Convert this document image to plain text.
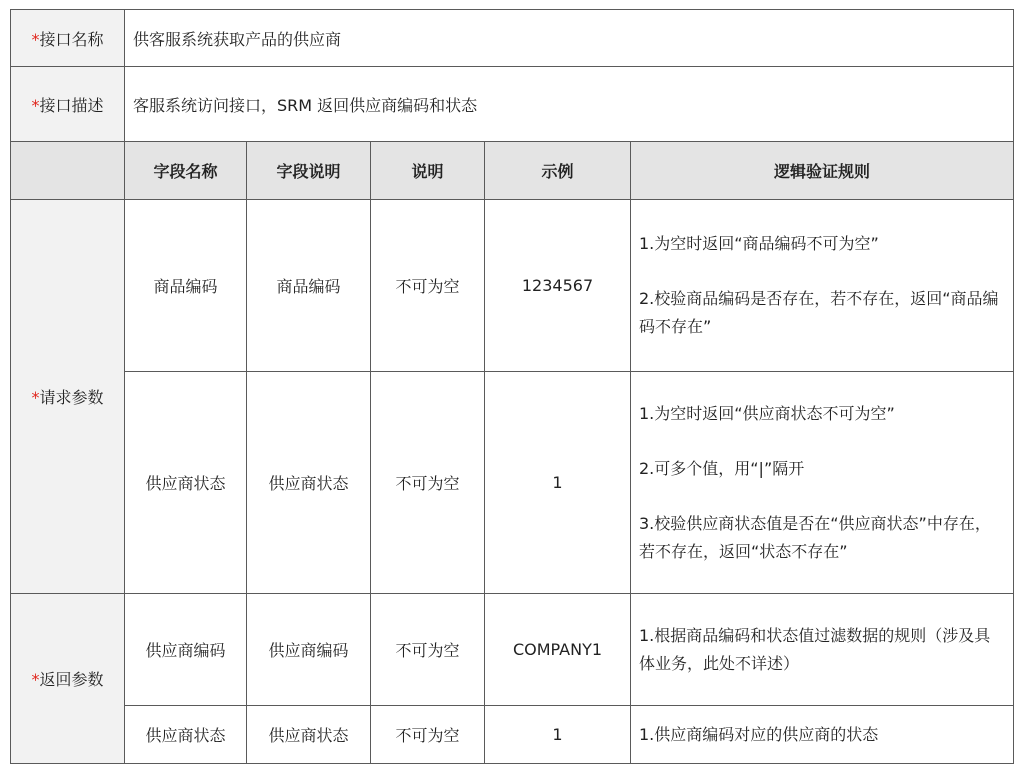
*接口名称	供客服系统获取产品的供应商				
*接口描述	客服系统访问接口，SRM 返回供应商编码和状态				
	字段名称	字段说明	说明	示例	逻辑验证规则
*请求参数	商品编码	商品编码	不可为空	1234567	1.为空时返回“商品编码不可为空”

2.校验商品编码是否存在，若不存在，返回“商品编码不存在”

	供应商状态	供应商状态	不可为空	1	1.为空时返回“供应商状态不可为空”

2.可多个值，用“|”隔开

3.校验供应商状态值是否在“供应商状态”中存在，若不存在，返回“状态不存在”

*返回参数	供应商编码	供应商编码	不可为空	COMPANY1	1.根据商品编码和状态值过滤数据的规则（涉及具体业务，此处不详述）

	供应商状态	供应商状态	不可为空	1	1.供应商编码对应的供应商的状态
